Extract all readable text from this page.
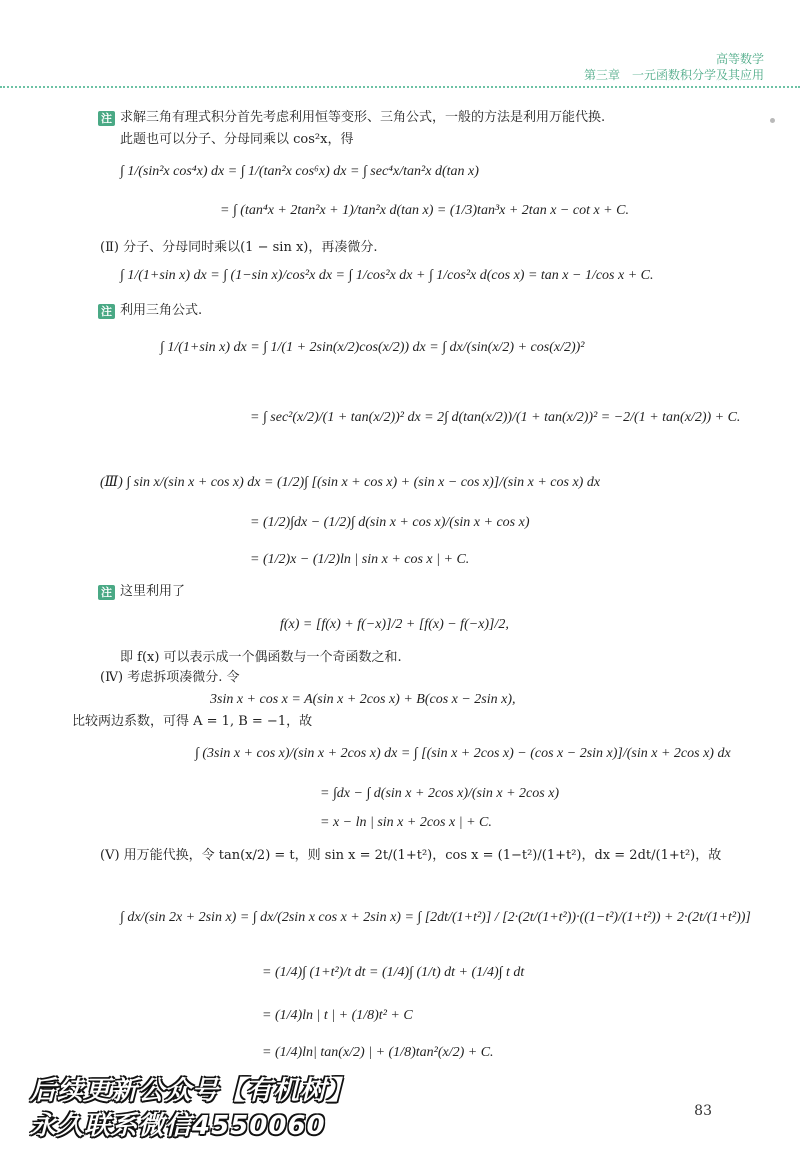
高等数学
第三章　一元函数积分学及其应用
注 求解三角有理式积分首先考虑利用恒等变形、三角公式，一般的方法是利用万能代换.
此题也可以分子、分母同乘以 cos²x，得
∫ 1/(sin²x cos⁴x) dx = ∫ 1/(tan²x cos⁶x) dx = ∫ sec⁴x/tan²x d(tan x)
= ∫ (tan⁴x + 2tan²x + 1)/tan²x d(tan x) = (1/3)tan³x + 2tan x − cot x + C.
(Ⅱ) 分子、分母同时乘以(1 − sin x)，再凑微分.
∫ 1/(1+sin x) dx = ∫ (1−sin x)/cos²x dx = ∫ 1/cos²x dx + ∫ 1/cos²x d(cos x) = tan x − 1/cos x + C.
注 利用三角公式.
∫ 1/(1+sin x) dx = ∫ 1/(1 + 2sin(x/2)cos(x/2)) dx = ∫ dx/(sin(x/2) + cos(x/2))²
= ∫ sec²(x/2)/(1 + tan(x/2))² dx = 2∫ d(tan(x/2))/(1 + tan(x/2))² = −2/(1 + tan(x/2)) + C.
(Ⅲ) ∫ sin x/(sin x + cos x) dx = (1/2)∫ [(sin x + cos x) + (sin x − cos x)]/(sin x + cos x) dx
= (1/2)∫dx − (1/2)∫ d(sin x + cos x)/(sin x + cos x)
= (1/2)x − (1/2)ln | sin x + cos x | + C.
注 这里利用了
f(x) = [f(x) + f(−x)]/2 + [f(x) − f(−x)]/2,
即 f(x) 可以表示成一个偶函数与一个奇函数之和.
(Ⅳ) 考虑拆项凑微分. 令
3sin x + cos x = A(sin x + 2cos x) + B(cos x − 2sin x),
比较两边系数，可得 A = 1, B = −1，故
∫ (3sin x + cos x)/(sin x + 2cos x) dx = ∫ [(sin x + 2cos x) − (cos x − 2sin x)]/(sin x + 2cos x) dx
= ∫dx − ∫ d(sin x + 2cos x)/(sin x + 2cos x)
= x − ln | sin x + 2cos x | + C.
(Ⅴ) 用万能代换，令 tan(x/2) = t，则 sin x = 2t/(1+t²)，cos x = (1−t²)/(1+t²)，dx = 2dt/(1+t²)，故
∫ dx/(sin 2x + 2sin x) = ∫ dx/(2sin x cos x + 2sin x) = ∫ [2dt/(1+t²)] / [2·(2t/(1+t²))·((1−t²)/(1+t²)) + 2·(2t/(1+t²))]
= (1/4)∫ (1+t²)/t dt = (1/4)∫ (1/t) dt + (1/4)∫ t dt
= (1/4)ln | t | + (1/8)t² + C
= (1/4)ln| tan(x/2) | + (1/8)tan²(x/2) + C.
后续更新公众号【有机树】
永久联系微信4550060	83
